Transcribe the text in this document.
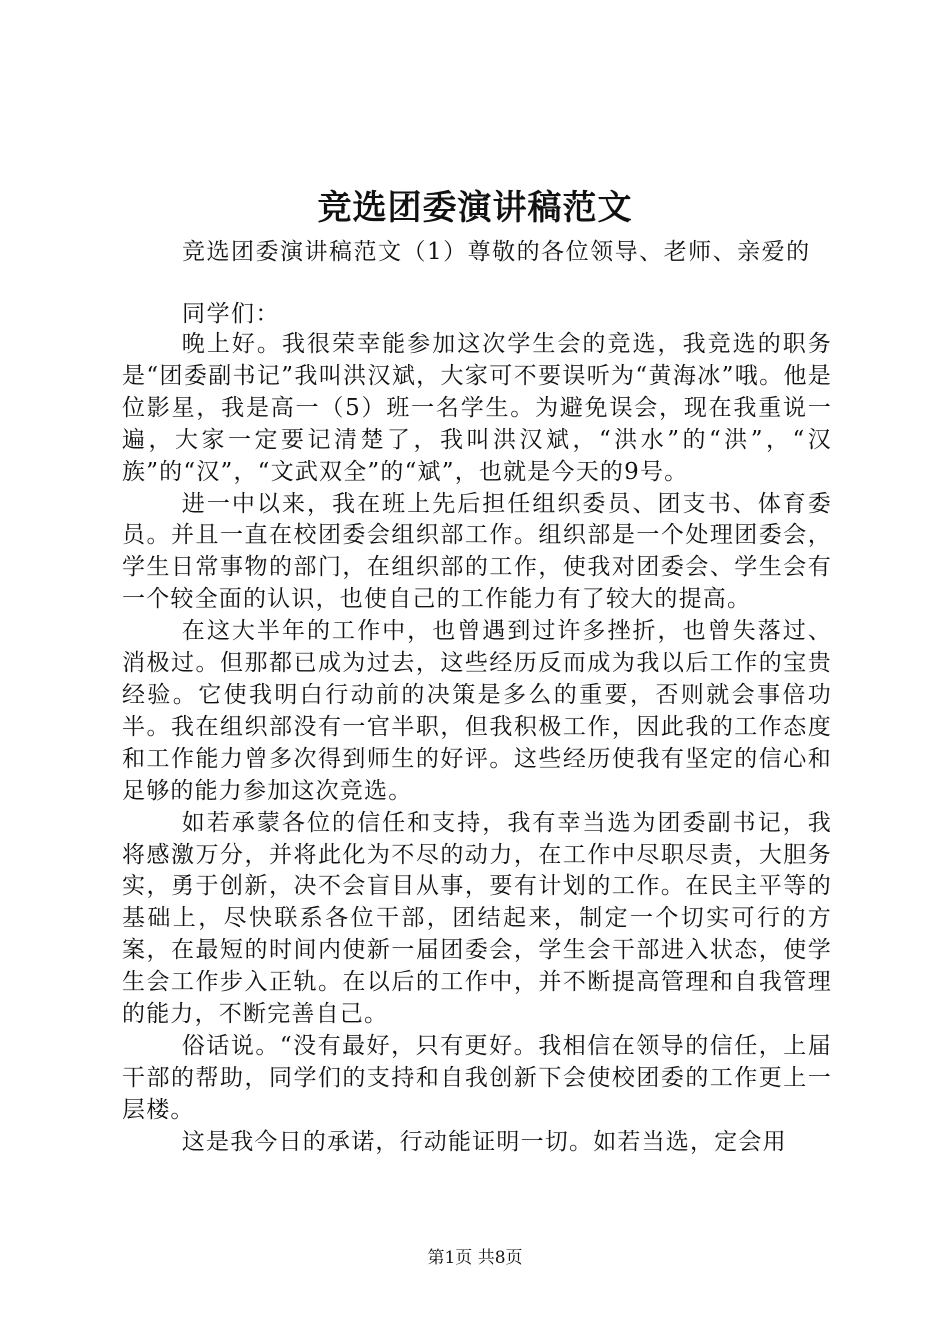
竞选团委演讲稿范文
竞选团委演讲稿范文（1）尊敬的各位领导、老师、亲爱的
同学们：

晚上好。我很荣幸能参加这次学生会的竞选，我竞选的职务是“团委副书记”我叫洪汉斌，大家可不要误听为“黄海冰”哦。他是位影星，我是高一（5）班一名学生。为避免误会，现在我重说一遍，大家一定要记清楚了，我叫洪汉斌，“洪水”的“洪”，“汉族”的“汉”，“文武双全”的“斌”，也就是今天的9号。

进一中以来，我在班上先后担任组织委员、团支书、体育委员。并且一直在校团委会组织部工作。组织部是一个处理团委会，学生日常事物的部门，在组织部的工作，使我对团委会、学生会有一个较全面的认识，也使自己的工作能力有了较大的提高。

在这大半年的工作中，也曾遇到过许多挫折，也曾失落过、消极过。但那都已成为过去，这些经历反而成为我以后工作的宝贵经验。它使我明白行动前的决策是多么的重要，否则就会事倍功半。我在组织部没有一官半职，但我积极工作，因此我的工作态度和工作能力曾多次得到师生的好评。这些经历使我有坚定的信心和足够的能力参加这次竞选。

如若承蒙各位的信任和支持，我有幸当选为团委副书记，我将感激万分，并将此化为不尽的动力，在工作中尽职尽责，大胆务实，勇于创新，决不会盲目从事，要有计划的工作。在民主平等的基础上，尽快联系各位干部，团结起来，制定一个切实可行的方案，在最短的时间内使新一届团委会，学生会干部进入状态，使学生会工作步入正轨。在以后的工作中，并不断提高管理和自我管理的能力，不断完善自己。

俗话说。“没有最好，只有更好。我相信在领导的信任，上届干部的帮助，同学们的支持和自我创新下会使校团委的工作更上一层楼。

这是我今日的承诺，行动能证明一切。如若当选，定会用

第1页 共8页
